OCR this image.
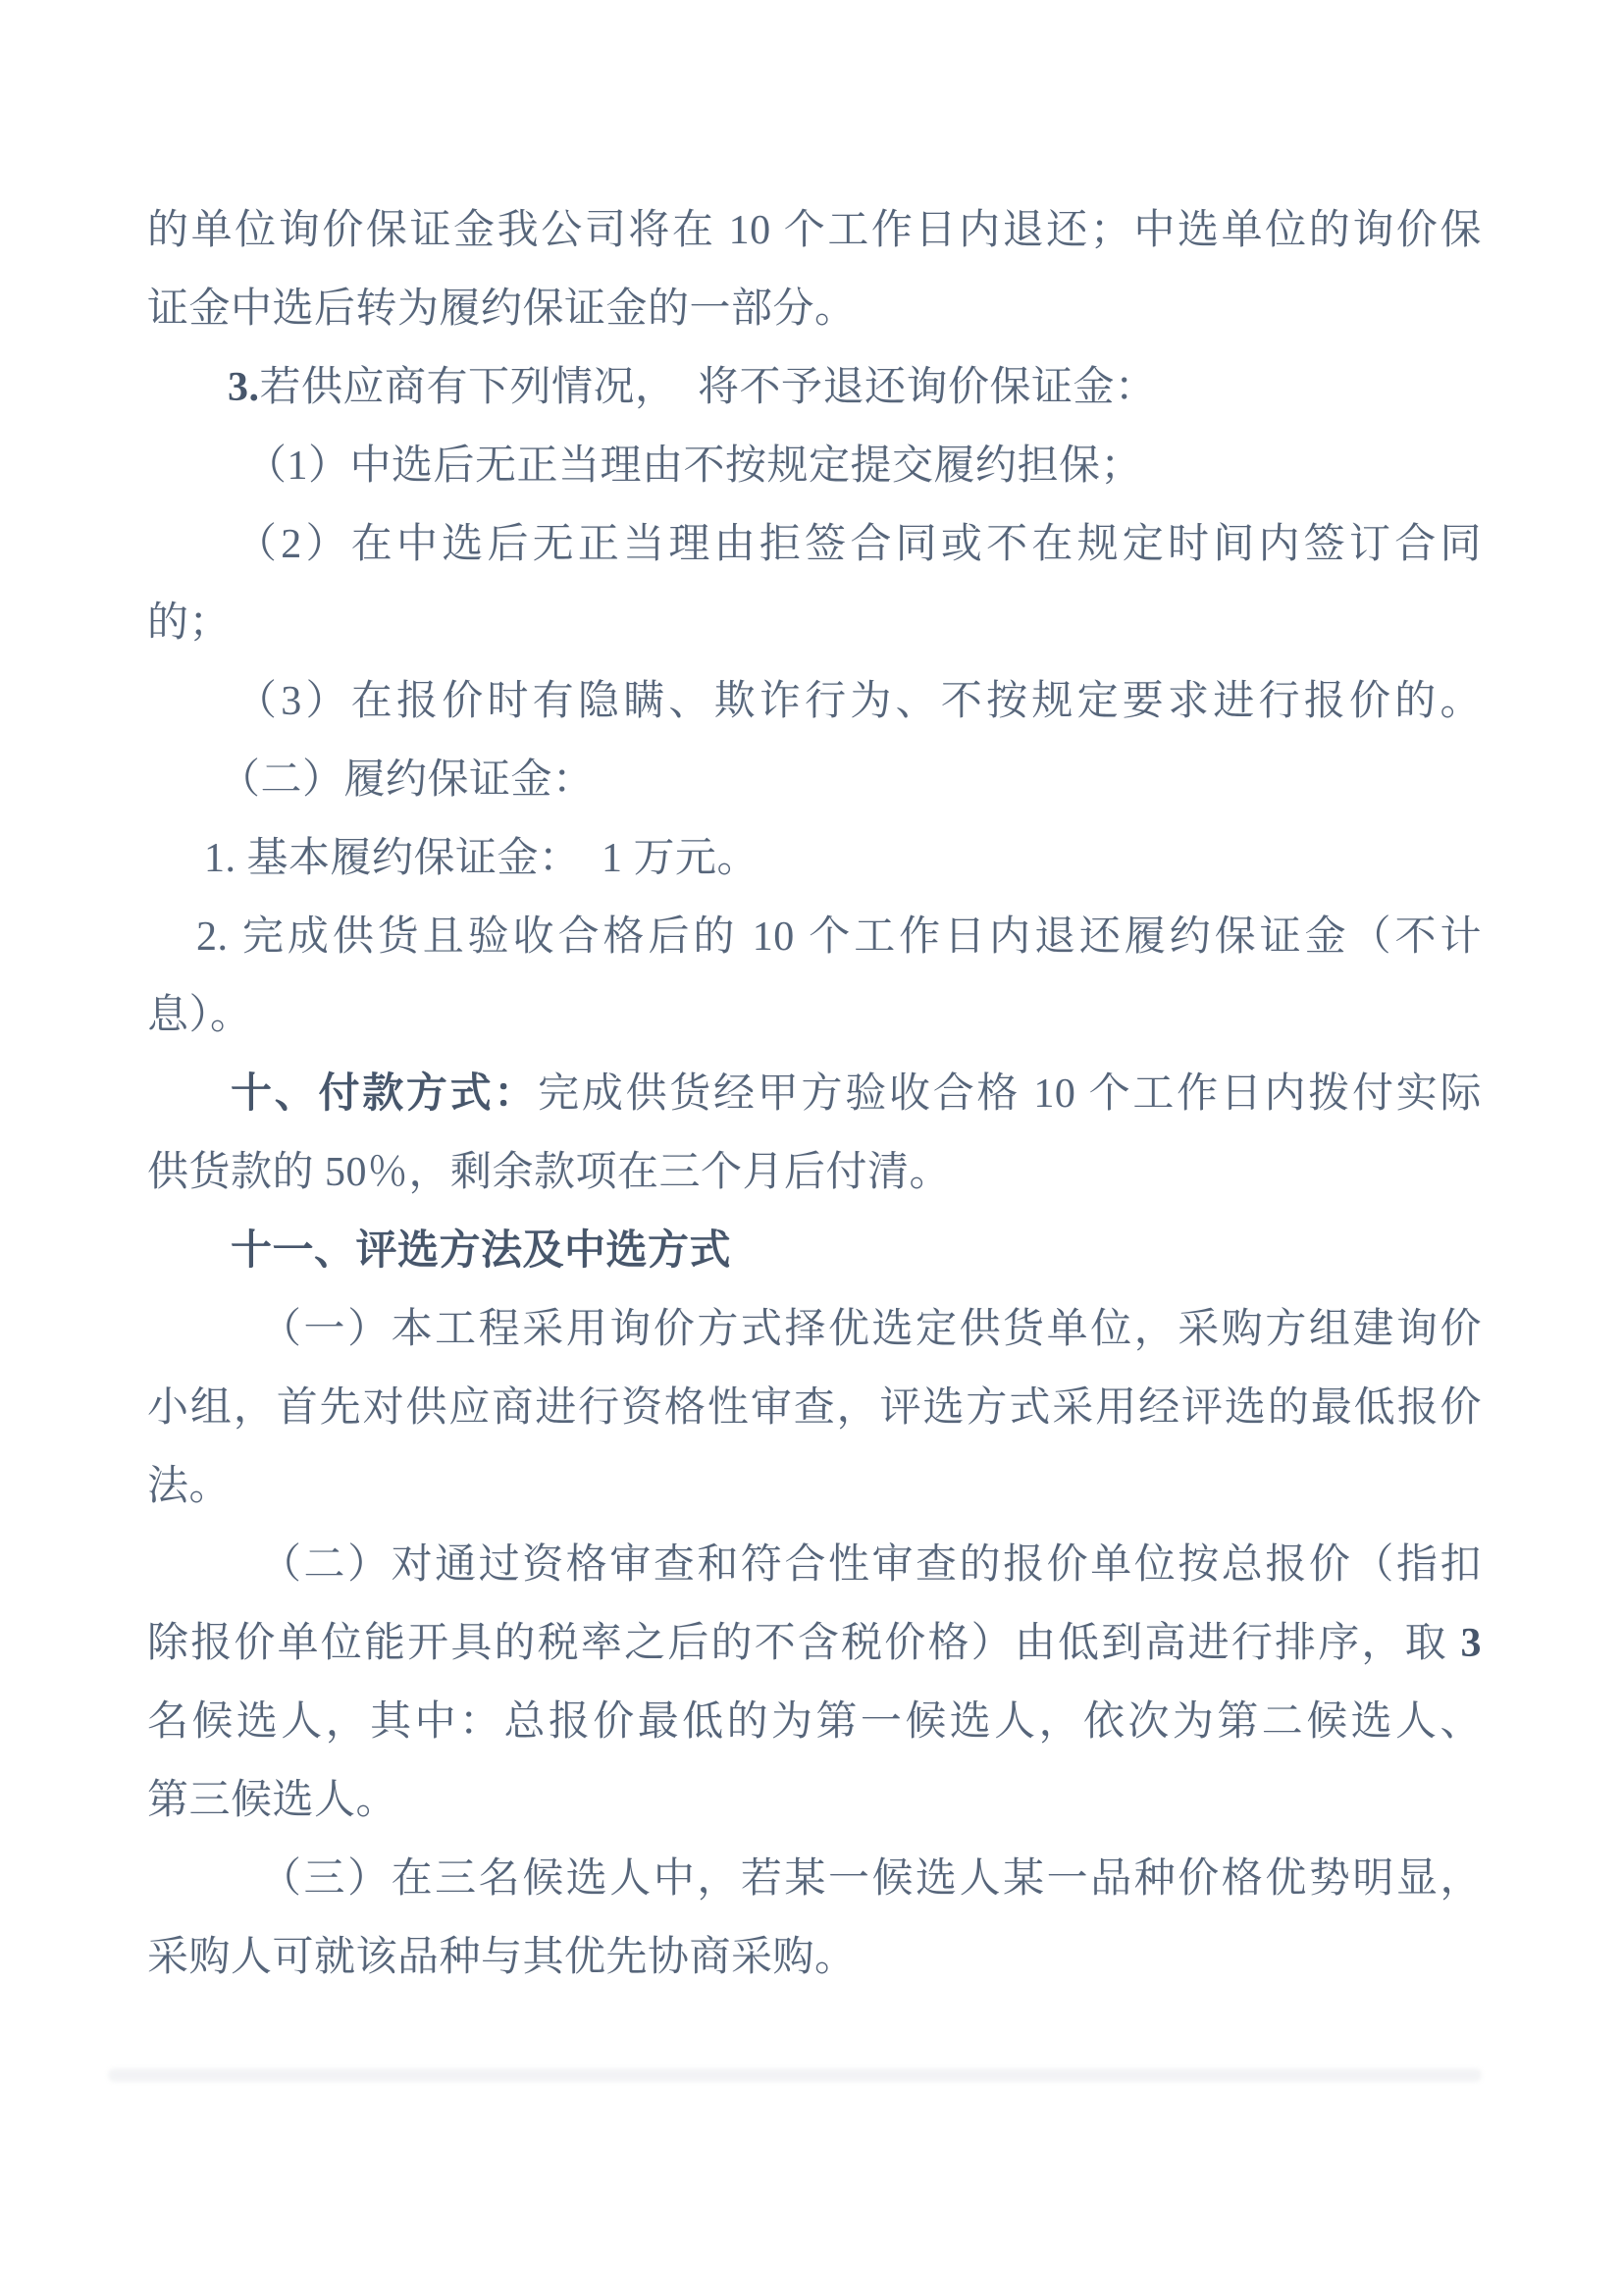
的单位询价保证金我公司将在 10 个工作日内退还；中选单位的询价保
证金中选后转为履约保证金的一部分。
3.若供应商有下列情况，　将不予退还询价保证金：
（1）中选后无正当理由不按规定提交履约担保；
（2）在中选后无正当理由拒签合同或不在规定时间内签订合同
的；
（3）在报价时有隐瞒、欺诈行为、不按规定要求进行报价的。
（二）履约保证金：
1. 基本履约保证金：　1 万元。
2. 完成供货且验收合格后的 10 个工作日内退还履约保证金（不计
息）。
十、付款方式：完成供货经甲方验收合格 10 个工作日内拨付实际
供货款的 50％，剩余款项在三个月后付清。
十一、评选方法及中选方式
（一）本工程采用询价方式择优选定供货单位，采购方组建询价
小组，首先对供应商进行资格性审查，评选方式采用经评选的最低报价
法。
（二）对通过资格审查和符合性审查的报价单位按总报价（指扣
除报价单位能开具的税率之后的不含税价格）由低到高进行排序，取 3
名候选人，其中：总报价最低的为第一候选人，依次为第二候选人、
第三候选人。
（三）在三名候选人中，若某一候选人某一品种价格优势明显，
采购人可就该品种与其优先协商采购。
